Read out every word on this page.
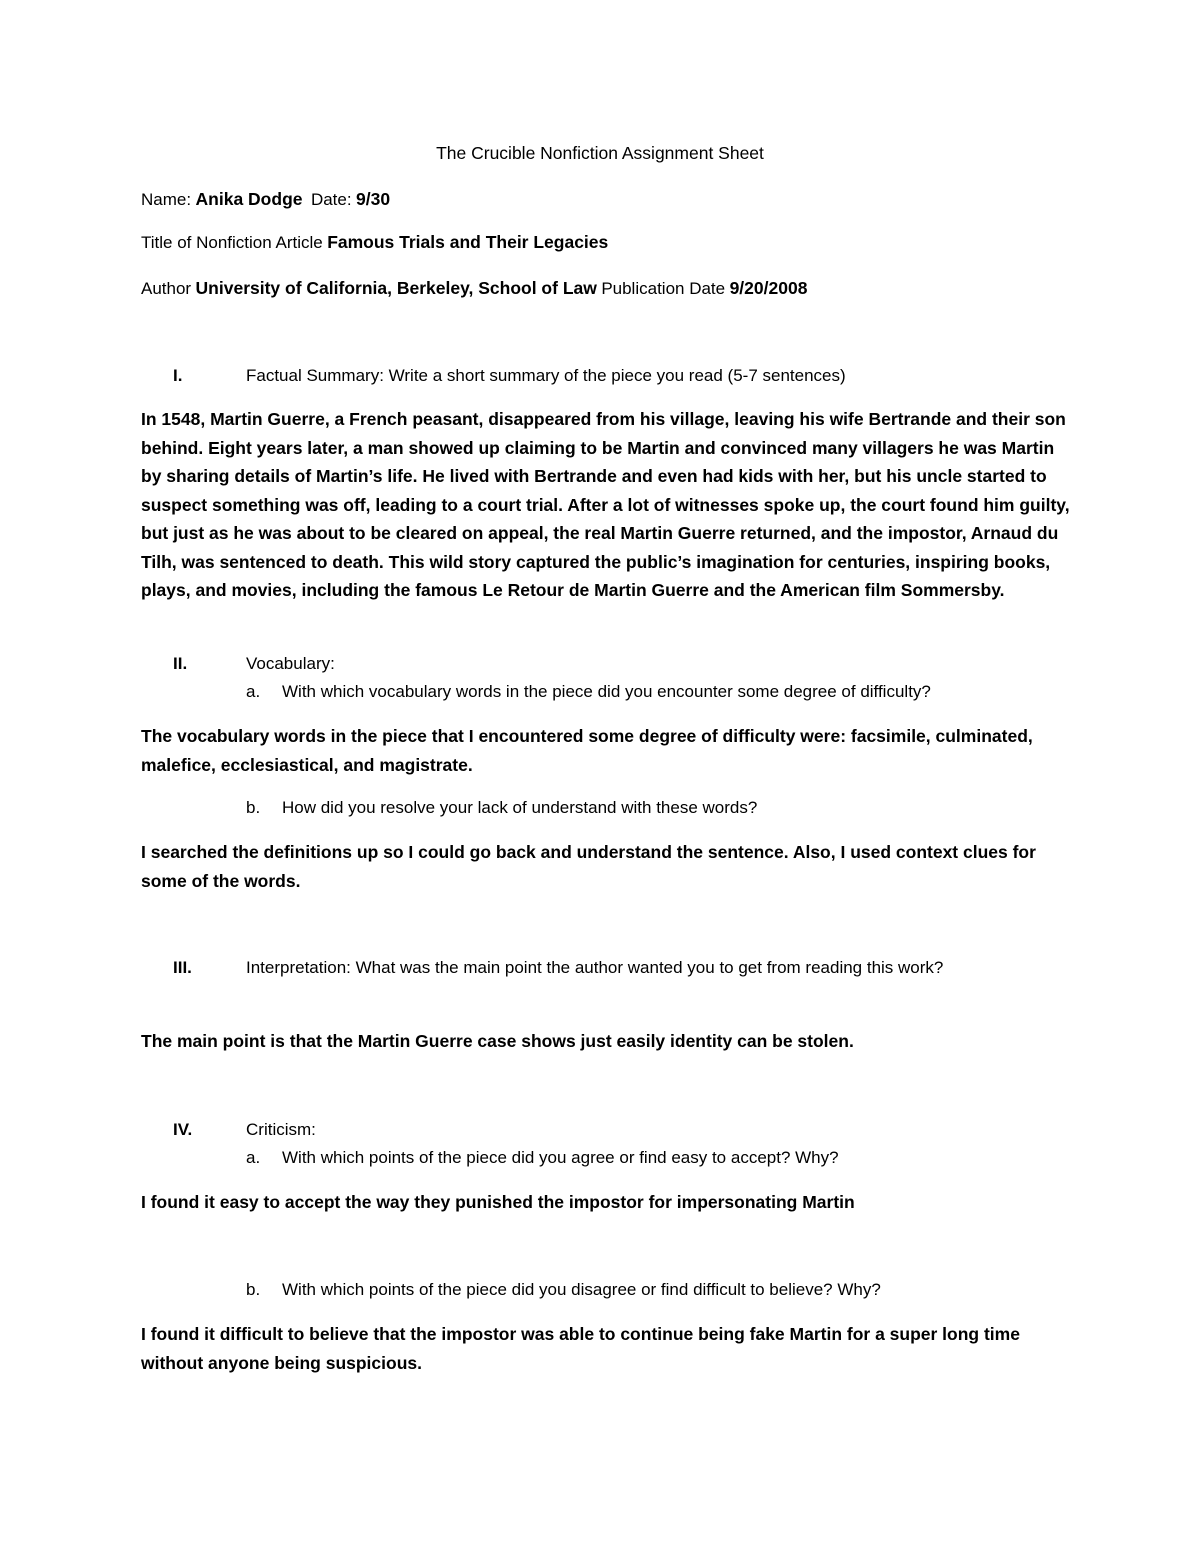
The Crucible Nonfiction Assignment Sheet
Name: Anika Dodge Date: 9/30
Title of Nonfiction Article Famous Trials and Their Legacies
Author University of California, Berkeley, School of Law Publication Date 9/20/2008
I.	Factual Summary: Write a short summary of the piece you read (5-7 sentences)
In 1548, Martin Guerre, a French peasant, disappeared from his village, leaving his wife Bertrande and their son behind. Eight years later, a man showed up claiming to be Martin and convinced many villagers he was Martin by sharing details of Martin’s life. He lived with Bertrande and even had kids with her, but his uncle started to suspect something was off, leading to a court trial. After a lot of witnesses spoke up, the court found him guilty, but just as he was about to be cleared on appeal, the real Martin Guerre returned, and the impostor, Arnaud du Tilh, was sentenced to death. This wild story captured the public’s imagination for centuries, inspiring books, plays, and movies, including the famous Le Retour de Martin Guerre and the American film Sommersby.
II.	Vocabulary:
a. With which vocabulary words in the piece did you encounter some degree of difficulty?
The vocabulary words in the piece that I encountered some degree of difficulty were: facsimile, culminated, malefice, ecclesiastical, and magistrate.
b. How did you resolve your lack of understand with these words?
I searched the definitions up so I could go back and understand the sentence. Also, I used context clues for some of the words.
III.	Interpretation: What was the main point the author wanted you to get from reading this work?
The main point is that the Martin Guerre case shows just easily identity can be stolen.
IV.	Criticism:
a. With which points of the piece did you agree or find easy to accept? Why?
I found it easy to accept the way they punished the impostor for impersonating Martin
b. With which points of the piece did you disagree or find difficult to believe? Why?
I found it difficult to believe that the impostor was able to continue being fake Martin for a super long time without anyone being suspicious.
